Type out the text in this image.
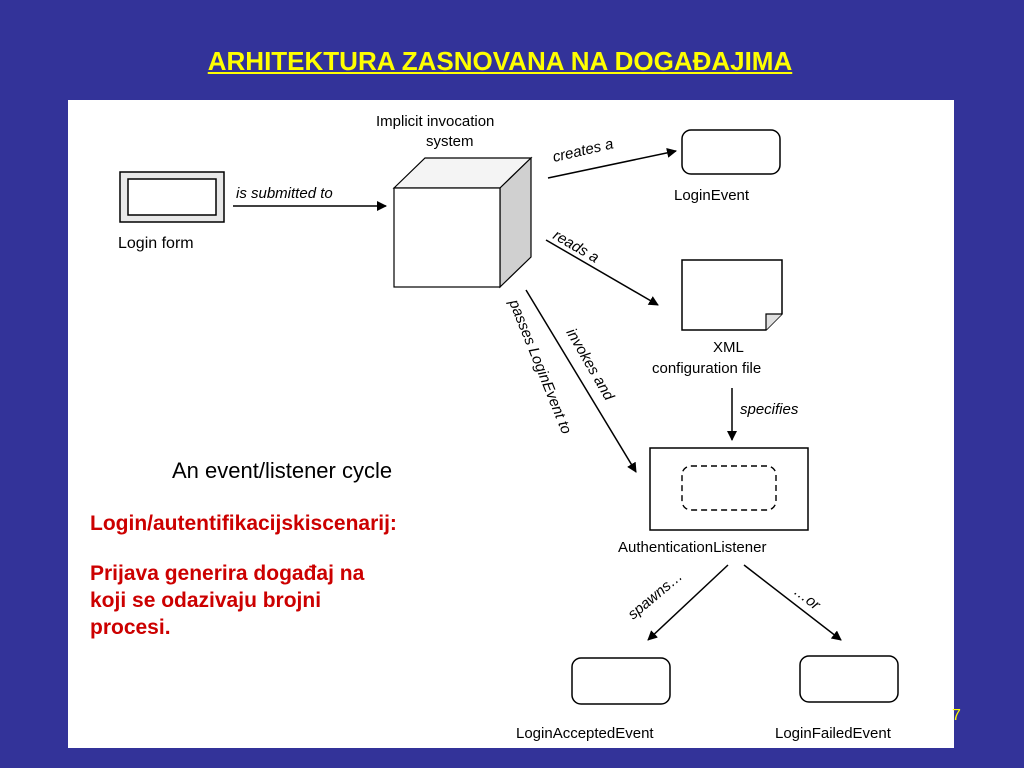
ARHITEKTURA ZASNOVANA NA DOGAĐAJIMA
Login form
is submitted to
Implicit invocation
system	creates a
LoginEvent
reads a
XML
configuration file
specifies
invokes and
passes LoginEvent to
AuthenticationListener
An event/listener cycle
spawns…	…or
LoginAcceptedEvent	LoginFailedEvent
Login/autentifikacijskiscenarij:
Prijava generira događaj na
koji se odazivaju brojni
procesi.
7
